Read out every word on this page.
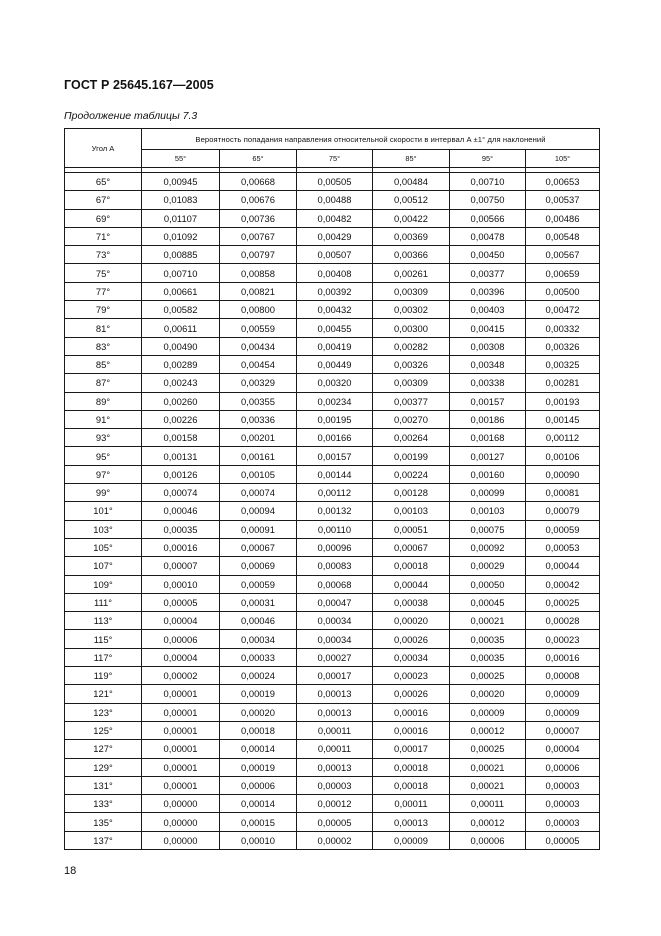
ГОСТ Р 25645.167—2005
Продолжение таблицы 7.3
Угол A	Вероятность попадания направления относительной скорости в интервал A ±1° для наклонений					
	55°	65°	75°	85°	95°	105°

65°	0,00945	0,00668	0,00505	0,00484	0,00710	0,00653
67°	0,01083	0,00676	0,00488	0,00512	0,00750	0,00537
69°	0,01107	0,00736	0,00482	0,00422	0,00566	0,00486
71°	0,01092	0,00767	0,00429	0,00369	0,00478	0,00548
73°	0,00885	0,00797	0,00507	0,00366	0,00450	0,00567
75°	0,00710	0,00858	0,00408	0,00261	0,00377	0,00659
77°	0,00661	0,00821	0,00392	0,00309	0,00396	0,00500
79°	0,00582	0,00800	0,00432	0,00302	0,00403	0,00472
81°	0,00611	0,00559	0,00455	0,00300	0,00415	0,00332
83°	0,00490	0,00434	0,00419	0,00282	0,00308	0,00326
85°	0,00289	0,00454	0,00449	0,00326	0,00348	0,00325
87°	0,00243	0,00329	0,00320	0,00309	0,00338	0,00281
89°	0,00260	0,00355	0,00234	0,00377	0,00157	0,00193
91°	0,00226	0,00336	0,00195	0,00270	0,00186	0,00145
93°	0,00158	0,00201	0,00166	0,00264	0,00168	0,00112
95°	0,00131	0,00161	0,00157	0,00199	0,00127	0,00106
97°	0,00126	0,00105	0,00144	0,00224	0,00160	0,00090
99°	0,00074	0,00074	0,00112	0,00128	0,00099	0,00081
101°	0,00046	0,00094	0,00132	0,00103	0,00103	0,00079
103°	0,00035	0,00091	0,00110	0,00051	0,00075	0,00059
105°	0,00016	0,00067	0,00096	0,00067	0,00092	0,00053
107°	0,00007	0,00069	0,00083	0,00018	0,00029	0,00044
109°	0,00010	0,00059	0,00068	0,00044	0,00050	0,00042
111°	0,00005	0,00031	0,00047	0,00038	0,00045	0,00025
113°	0,00004	0,00046	0,00034	0,00020	0,00021	0,00028
115°	0,00006	0,00034	0,00034	0,00026	0,00035	0,00023
117°	0,00004	0,00033	0,00027	0,00034	0,00035	0,00016
119°	0,00002	0,00024	0,00017	0,00023	0,00025	0,00008
121°	0,00001	0,00019	0,00013	0,00026	0,00020	0,00009
123°	0,00001	0,00020	0,00013	0,00016	0,00009	0,00009
125°	0,00001	0,00018	0,00011	0,00016	0,00012	0,00007
127°	0,00001	0,00014	0,00011	0,00017	0,00025	0,00004
129°	0,00001	0,00019	0,00013	0,00018	0,00021	0,00006
131°	0,00001	0,00006	0,00003	0,00018	0,00021	0,00003
133°	0,00000	0,00014	0,00012	0,00011	0,00011	0,00003
135°	0,00000	0,00015	0,00005	0,00013	0,00012	0,00003
137°	0,00000	0,00010	0,00002	0,00009	0,00006	0,00005
18
